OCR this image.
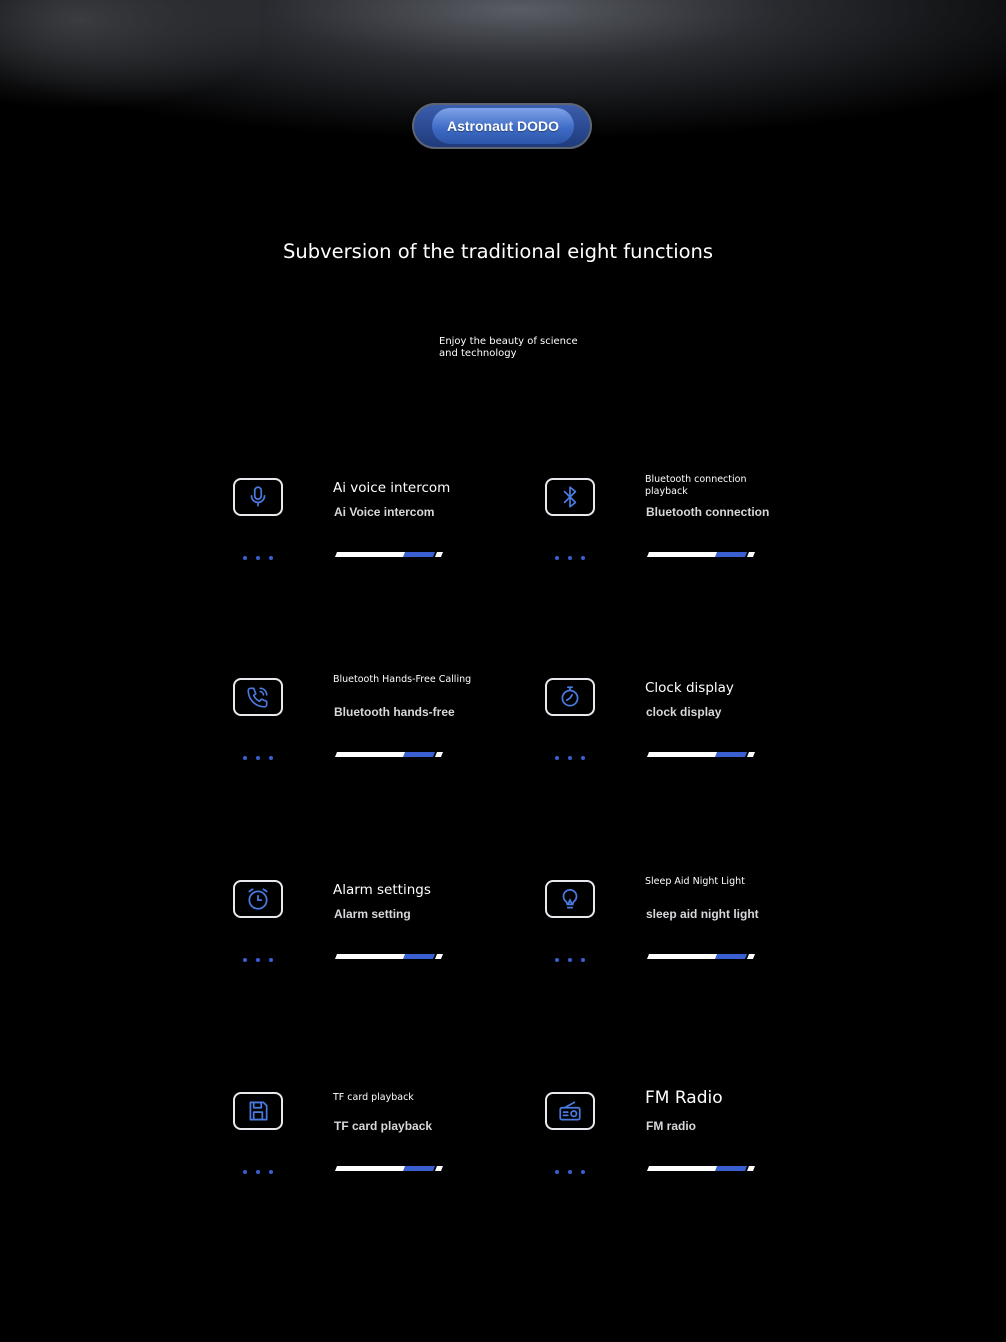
Astronaut DODO
Subversion of the traditional eight functions
Enjoy the beauty of science and technology
Ai voice intercom
Ai Voice intercom
Bluetooth connection playback
Bluetooth connection
Bluetooth Hands-Free Calling
Bluetooth hands-free
Clock display
clock display
Alarm settings
Alarm setting
Sleep Aid Night Light
sleep aid night light
TF card playback
TF card playback
FM Radio
FM radio
